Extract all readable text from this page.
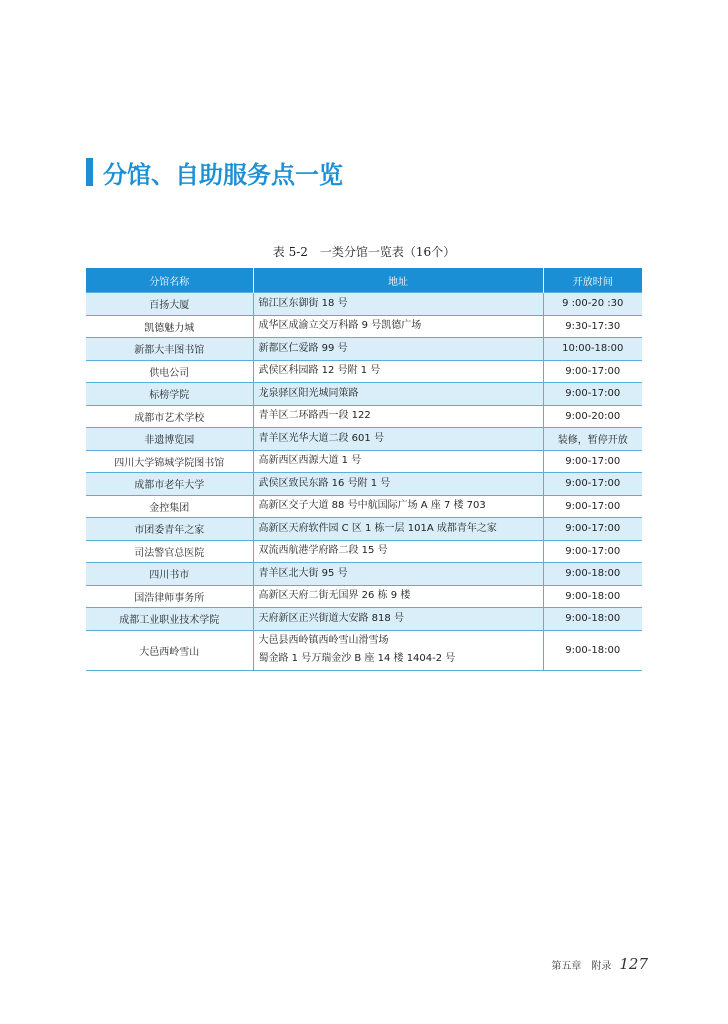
分馆、自助服务点一览
表 5-2 一类分馆一览表（16个）
分馆名称	地址	开放时间
百扬大厦	锦江区东御街 18 号	9 :00-20 :30
凯德魅力城	成华区成渝立交万科路 9 号凯德广场	9:30-17:30
新都大丰图书馆	新都区仁爱路 99 号	10:00-18:00
供电公司	武侯区科园路 12 号附 1 号	9:00-17:00
标榜学院	龙泉驿区阳光城同策路	9:00-17:00
成都市艺术学校	青羊区二环路西一段 122	9:00-20:00
非遗博览园	青羊区光华大道二段 601 号	装修，暂停开放
四川大学锦城学院图书馆	高新西区西源大道 1 号	9:00-17:00
成都市老年大学	武侯区致民东路 16 号附 1 号	9:00-17:00
金控集团	高新区交子大道 88 号中航国际广场 A 座 7 楼 703	9:00-17:00
市团委青年之家	高新区天府软件园 C 区 1 栋一层 101A 成都青年之家	9:00-17:00
司法警官总医院	双流西航港学府路二段 15 号	9:00-17:00
四川书市	青羊区北大街 95 号	9:00-18:00
国浩律师事务所	高新区天府二街无国界 26 栋 9 楼	9:00-18:00
成都工业职业技术学院	天府新区正兴街道大安路 818 号	9:00-18:00
大邑西岭雪山	大邑县西岭镇西岭雪山滑雪场
蜀金路 1 号万瑞金沙 B 座 14 楼 1404-2 号	9:00-18:00
第五章　附录 127
